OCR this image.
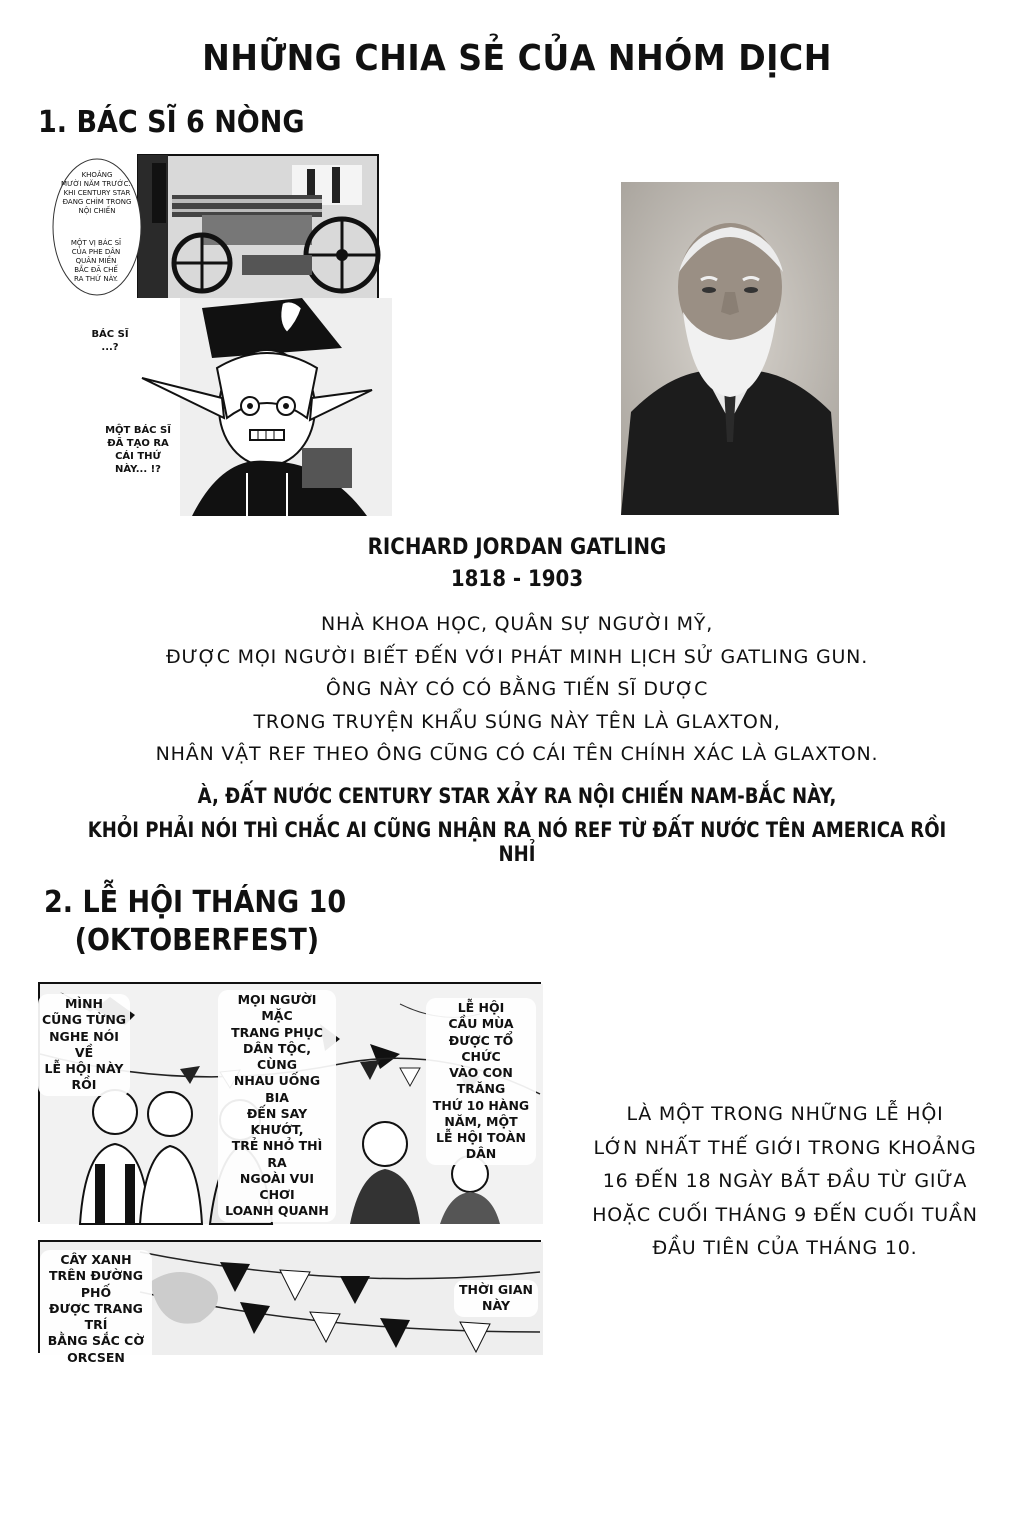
NHỮNG CHIA SẺ CỦA NHÓM DỊCH
1. BÁC SĨ 6 NÒNG
KHOẢNG
MƯỜI NĂM TRƯỚC..
KHI CENTURY STAR
ĐANG CHÌM TRONG
NỘI CHIẾN
MỘT VỊ BÁC SĨ
CỦA PHE DÂN
QUÂN MIỀN
BẮC ĐÃ CHẾ
RA THỨ NÀY.
BÁC SĨ
...?
MỘT BÁC SĨ
ĐÃ TẠO RA
CÁI THỨ
NÀY... !?
RICHARD JORDAN GATLING
1818 - 1903
NHÀ KHOA HỌC, QUÂN SỰ NGƯỜI MỸ,
ĐƯỢC MỌI NGƯỜI BIẾT ĐẾN VỚI PHÁT MINH LỊCH SỬ GATLING GUN.
ÔNG NÀY CÓ CÓ BẰNG TIẾN SĨ DƯỢC
TRONG TRUYỆN KHẨU SÚNG NÀY TÊN LÀ GLAXTON,
NHÂN VẬT REF THEO ÔNG CŨNG CÓ CÁI TÊN CHÍNH XÁC LÀ GLAXTON.
À, ĐẤT NƯỚC CENTURY STAR XẢY RA NỘI CHIẾN NAM-BẮC NÀY,
KHỎI PHẢI NÓI THÌ CHẮC AI CŨNG NHẬN RA NÓ REF TỪ ĐẤT NƯỚC TÊN AMERICA RỒI NHỈ
2. LỄ HỘI THÁNG 10
(OKTOBERFEST)
MÌNH
CŨNG TỪNG
NGHE NÓI VỀ
LỄ HỘI NÀY
RỒI
MỌI NGƯỜI MẶC
TRANG PHỤC
DÂN TỘC, CÙNG
NHAU UỐNG BIA
ĐẾN SAY KHƯỚT,
TRẺ NHỎ THÌ RA
NGOÀI VUI CHƠI
LOANH QUANH
LỄ HỘI
CẦU MÙA
ĐƯỢC TỔ CHỨC
VÀO CON TRĂNG
THỨ 10 HÀNG
NĂM, MỘT
LỄ HỘI TOÀN
DÂN
CÂY XANH
TRÊN ĐƯỜNG PHỐ
ĐƯỢC TRANG TRÍ
BẰNG SẮC CỜ
ORCSEN
THỜI GIAN
NÀY
LÀ MỘT TRONG NHỮNG LỄ HỘI
LỚN NHẤT THẾ GIỚI TRONG KHOẢNG
16 ĐẾN 18 NGÀY BẮT ĐẦU TỪ GIỮA
HOẶC CUỐI THÁNG 9 ĐẾN CUỐI TUẦN
ĐẦU TIÊN CỦA THÁNG 10.
